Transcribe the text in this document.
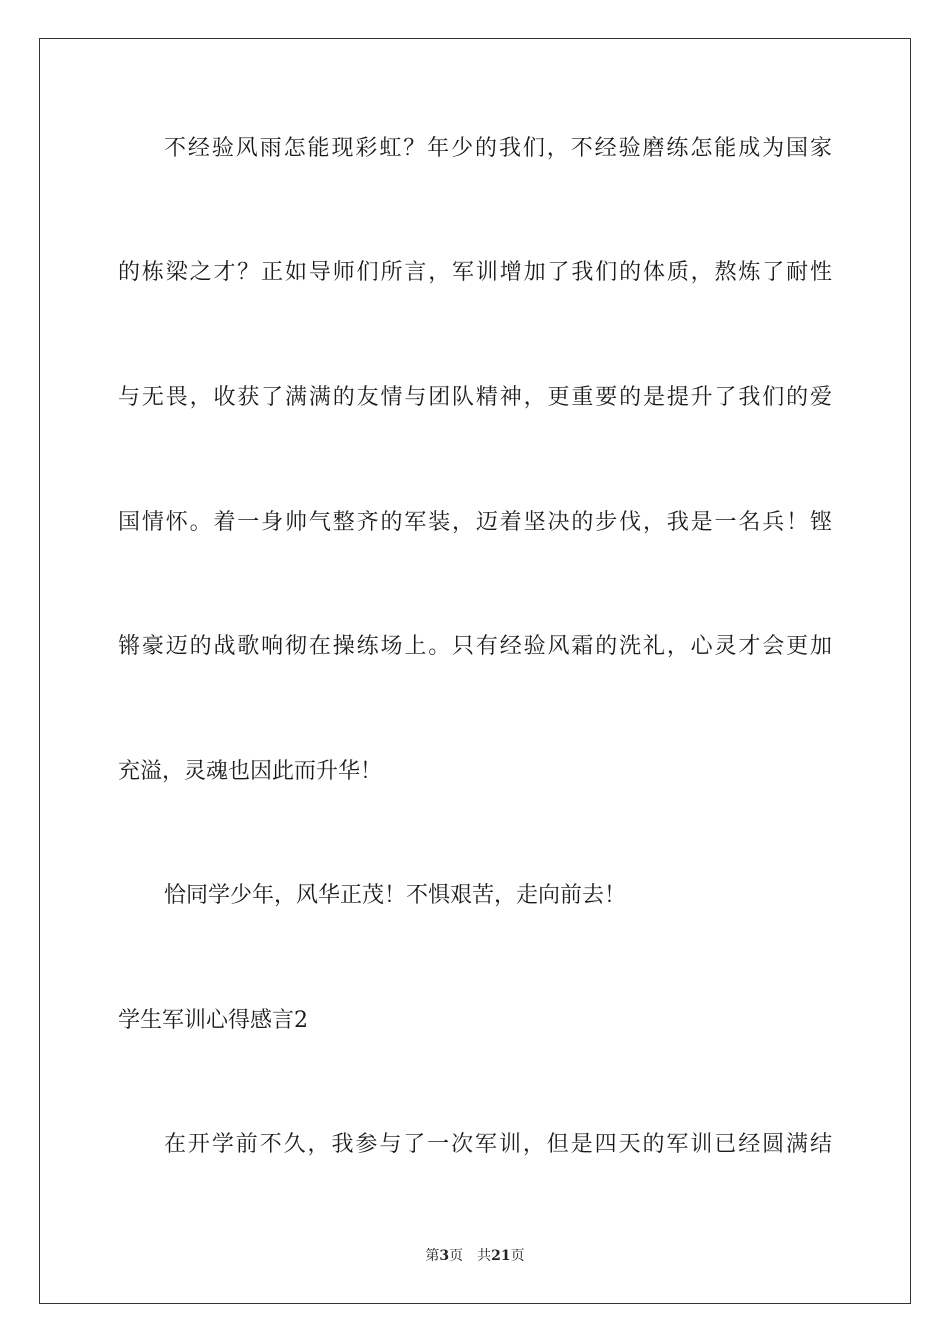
不经验风雨怎能现彩虹？年少的我们，不经验磨练怎能成为国家
的栋梁之才？正如导师们所言，军训增加了我们的体质，熬炼了耐性
与无畏，收获了满满的友情与团队精神，更重要的是提升了我们的爱
国情怀。着一身帅气整齐的军装，迈着坚决的步伐，我是一名兵！铿
锵豪迈的战歌响彻在操练场上。只有经验风霜的洗礼，心灵才会更加
充溢，灵魂也因此而升华！
恰同学少年，风华正茂！不惧艰苦，走向前去！
学生军训心得感言2
在开学前不久，我参与了一次军训，但是四天的军训已经圆满结
第3页 共21页
